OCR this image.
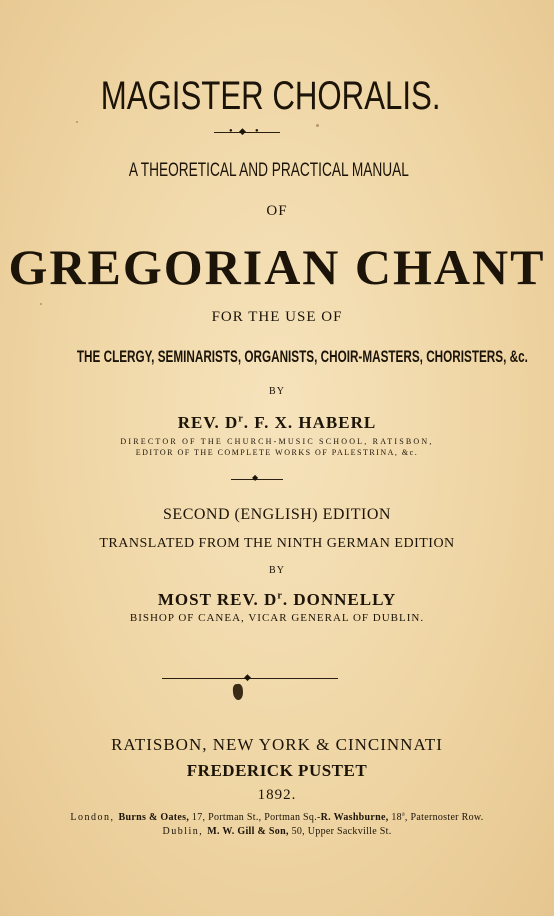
MAGISTER CHORALIS.
◆
●	●
A THEORETICAL AND PRACTICAL MANUAL
OF
GREGORIAN CHANT
FOR THE USE OF
THE CLERGY, SEMINARISTS, ORGANISTS, CHOIR-MASTERS, CHORISTERS, &c.
BY
REV. $D^r$. F. X. HABERL
DIRECTOR OF THE CHURCH-MUSIC SCHOOL, RATISBON,
EDITOR OF THE COMPLETE WORKS OF PALESTRINA, &c.
◆
SECOND (ENGLISH) EDITION
TRANSLATED FROM THE NINTH GERMAN EDITION
BY
MOST REV. $D^r$. DONNELLY
BISHOP OF CANEA, VICAR GENERAL OF DUBLIN.
◆
RATISBON, NEW YORK & CINCINNATI
FREDERICK PUSTET
1892.
London, Burns & Oates, 17, Portman St., Portman Sq.-R. Washburne, 18$^a$, Paternoster Row.
Dublin, M. W. Gill & Son, 50, Upper Sackville St.
